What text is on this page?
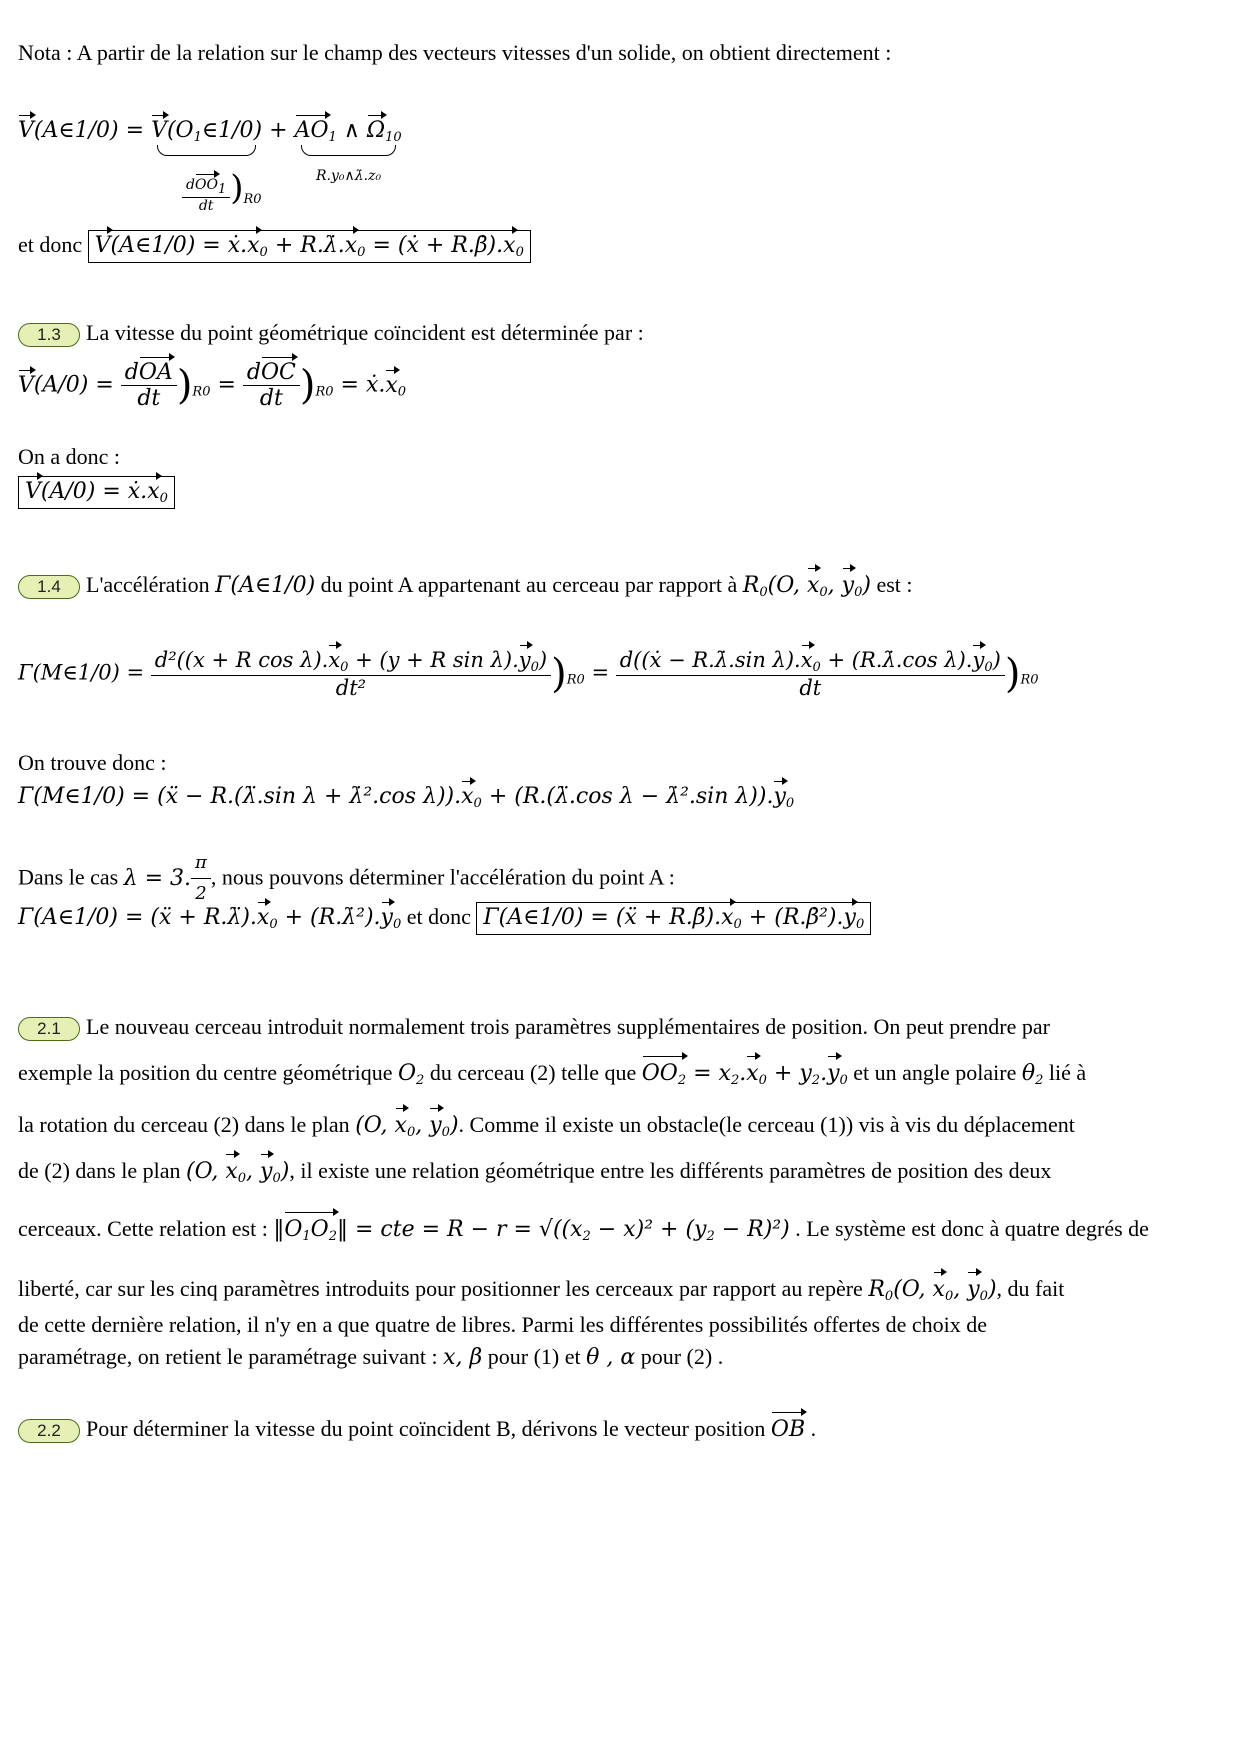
Nota : A partir de la relation sur le champ des vecteurs vitesses d'un solide, on obtient directement :
V(A∈1/0) = $V(O_1\in 1/0)$
+ $AO_1$ ∧ $\Omega_{10}$
$\frac{\text{dOO1}}{dt} )R0$
R.y₀∧λ̇.z₀
et donc V(A∈1/0) = $ẋ.x_0$ + $R.\lambdȧ.x_0$ = (ẋ + $R.\betȧ).x_0$
1.3 La vitesse du point géométrique coïncident est déterminée par :
$V(A/0) = \frac{\text{dOA}}{dt} )_{R0} = \frac{\text{dOC}}{dt} )_{R0}$ = $ẋ.x_0$
On a donc :
$V(A/0) = ẋ.x_0$
1.4 L'accélération Γ(A∈1/0) du point A appartenant au cerceau par rapport à $R_0(O$, $x_0$, $y_0$) est :
Γ(M∈1/0) = $\frac{d^2((x + R \cos \lambda).x_0 + (y + R \sin \lambda).y_0)}{\text{dt²}} )_{R0} = \frac{d((ẋ - R.\lambdȧ.\sin \lambda).x_0 + (R.\lambdȧ.\cos \lambda).y_0)}{dt} )_{R0}$
On trouve donc :
Γ(M∈1/0) = (ẍ − R.(λ̈.sin λ + λ̇².cos $\lambda)).x_0$ + (R.(λ̈.cos λ − λ̇².sin $\lambda)).y_0$
Dans le cas λ = 3. $\frac{\pi}{2}$ , nous pouvons déterminer l'accélération du point A :
Γ(A∈1/0) = (ẍ + $R.\lambdä).x_0$ + $(R.\lambdȧ^2).y_0$ et donc Γ(A∈1/0) = (ẍ + $R.\betä).x_0$ + $(R.\betȧ^2).y_0$
2.1 Le nouveau cerceau introduit normalement trois paramètres supplémentaires de position. On peut prendre par
exemple la position du centre géométrique $O_2$ du cerceau (2) telle que $OO_2 = x_2.x_0 + y_2.y_0$ et un angle polaire $\theta_2$ lié à
la rotation du cerceau (2) dans le plan (O, $x_0$, $y_0$). Comme il existe un obstacle(le cerceau (1)) vis à vis du déplacement
de (2) dans le plan (O, $x_0$, $y_0$), il existe une relation géométrique entre les différents paramètres de position des deux
cerceaux. Cette relation est : $‖O_1O_2‖$ = cte = $R - r = √((x_2 - x)^2 + (y_2 - R)^2)$ . Le système est donc à quatre degrés de
liberté, car sur les cinq paramètres introduits pour positionner les cerceaux par rapport au repère $R_0(O$, $x_0$, $y_0$), du fait
de cette dernière relation, il n'y en a que quatre de libres. Parmi les différentes possibilités offertes de choix de
paramétrage, on retient le paramétrage suivant : x, β pour (1) et θ , α pour (2) .
2.2 Pour déterminer la vitesse du point coïncident B, dérivons le vecteur position OB .
